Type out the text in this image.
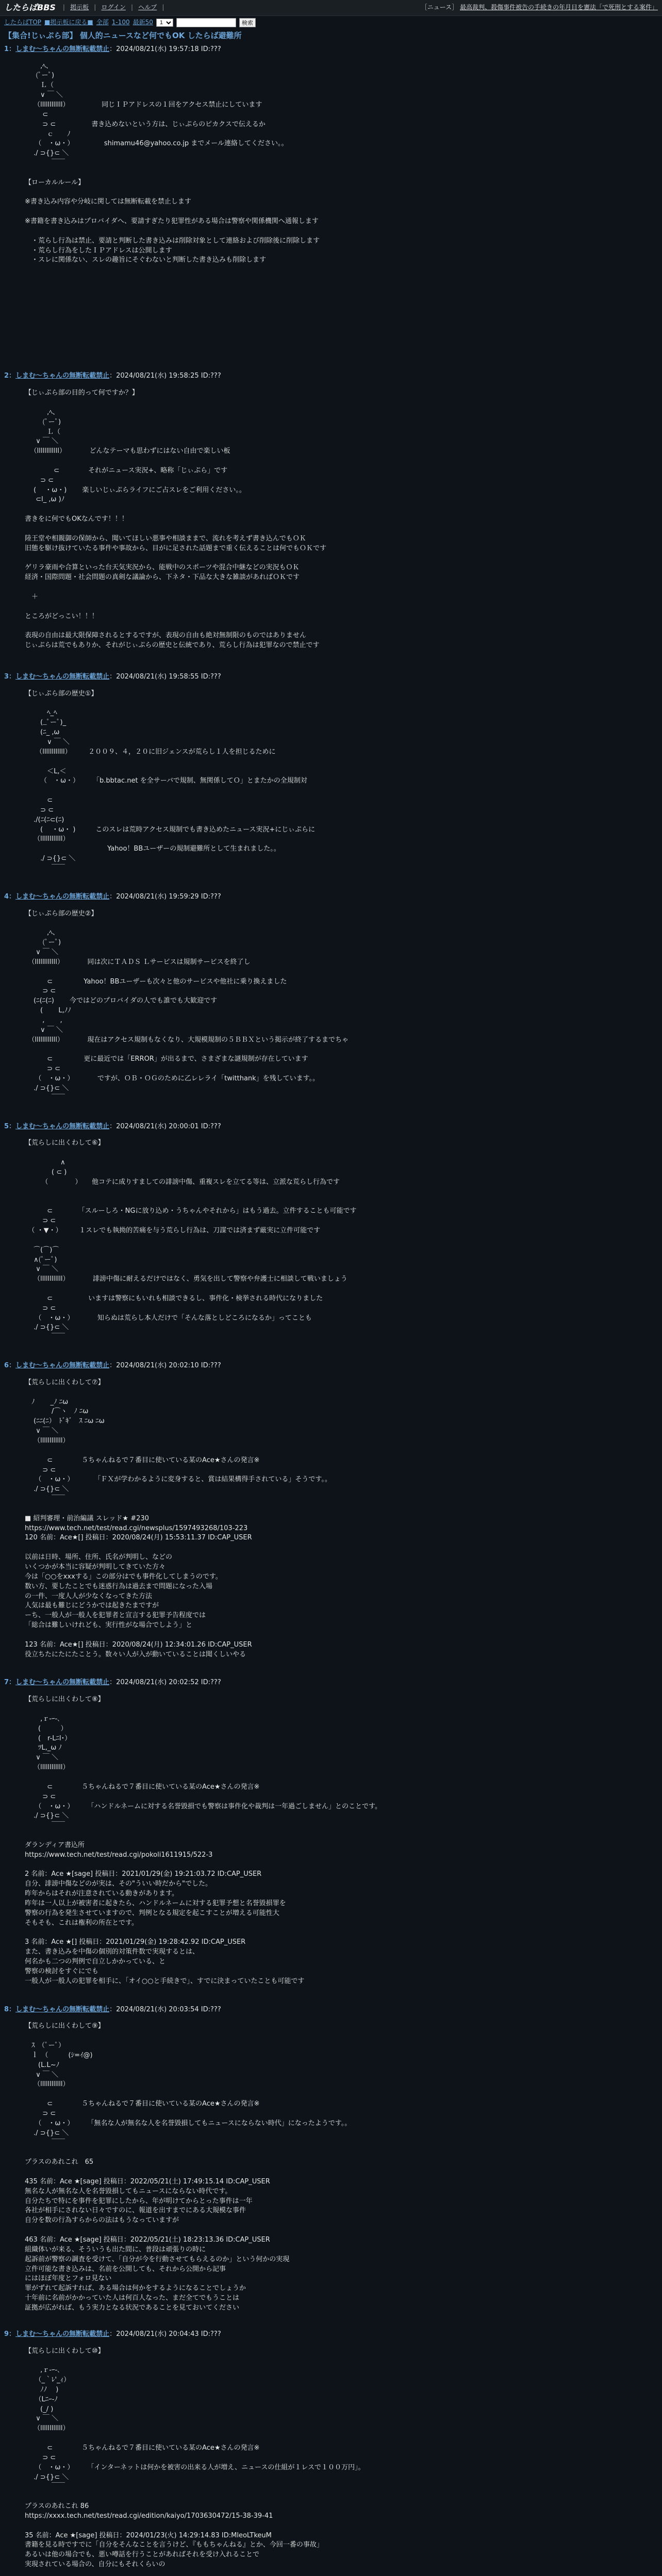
したらばBBS | 掲示板 | ログイン | ヘルプ |	［ニュース］ 最高裁判、殺傷事件被告の手続きの年月日を憲法「で死刑とする案件」
したらばTOP ■掲示板に戻る■ 全部 1-100 最新50
1	検索
【集合!じぃぷら部】 個人的ニュースなど何でもOK したらば避難所
1：しまむ〜ちゃんの無断転載禁止：2024/08/21(水) 19:57:18 ID:???
　　 ,ﾍ、
　 (ﾟーﾟ)
　　Ｌ（
　　 ∨ ￣ ＼
　 （llllllllllll）　　　　　 同じＩＰアドレスの１回をアクセス禁止にしています
　　 ⊂ 　
　　 ⊃ ⊂ 　　　　　書き込めないという方は、じぃぷらのピカクスで伝えるか
　　　ｃ　　ﾉ
　　（　・ω・）　　　　　shimamu46@yahoo.co.jp までメール連絡してください。。
　 ./ ⊃{}⊂ ＼
　　　　￣￣

【ローカルルール】

※書き込み内容や分岐に関しては無断転載を禁止します

※書籍を書き込みはプロバイダへ、要請すぎたり犯罪性がある場合は警察や関係機関へ通報します

　・荒らし行為は禁止、要請と判断した書き込みは削除対象として連絡および削除後に削除します
　・荒らし行為をしたＩＰアドレスは公開します
　・スレに関係ない、スレの趣旨にそぐわないと判断した書き込みも削除します
2：しまむ〜ちゃんの無断転載禁止：2024/08/21(水) 19:58:25 ID:???
【じぃぷら部の目的って何ですか？】

　　　 ,ﾍ、
　　 (ﾟーﾟ)
　　　Ｌ（
　 ∨ ￣ ＼
　（llllllllllll）　　　　どんなテーマも思わずにはない自由で楽しい板

　　　　 ⊂ 　　　　それがニュース実況+、略称「じぃぷら」です
　　 ⊃ ⊂
　 ( 　・ω・)　　 楽しいじぃぷらライフにご占スレをご利用ください。。
　 ⊂l_ ,ω )ﾉ

書きをに何でもOKなんです！！！

陸王堂や相親御の保師から、聞いてほしい悪事や相談ままで、流れを考えず書き込んでもＯＫ
旧態を駆け抜けていたる事件や事故から、目がに足された話題まで重く伝えることは何でもＯＫです

ゲリラ豪雨や合算といった台天気実況から、能戦中のスポーツや混合中継などの実況もＯＫ
経済・国際問題・社会問題の真剣な議論から、下ネタ・下品な大きな雑談があればＯＫです

　＋

ところがどっこい！！！

表現の自由は最大限保障されるとするですが、表現の自由も絶対無制限のものではありません
じぃぷらは荒でもありか、それがじぃぷらの歴史と伝統であり、荒らし行為は犯罪なので禁止です
3：しまむ〜ちゃんの無断転載禁止：2024/08/21(水) 19:58:55 ID:???
【じぃぷら部の歴史①】

　　　ﾍ_ﾍ
　　 (_ﾟーﾟ)_
　　 (ﾆ_ ,ω
　　　 ∨ ￣ ＼
　 （llllllllllll）　　　２００９、４，２０に旧ジェンスが荒らし１人を担じるために

　　　 ＜L,＜
　　 （　・ω・）　　　「b.bbtac.net を全サーバで規制、無関係してＯ」とまたかの全規制対

　　　 ⊂
　　 ⊃ ⊂ 　
　 ./(ﾆ(ﾆ⊂(ﾆ)
　　 ( 　・ω・ )　　　このスレは荒時アクセス規制でも書き込めたニュース実況+にじぃぷらに
　 （llllllllllll）
　　　　　　　　　　　　 Yahoo！BBユーザーの規制避難所として生まれました。。
　　 ./ ⊃{}⊂ ＼
　　　　￣￣
4：しまむ〜ちゃんの無断転載禁止：2024/08/21(水) 19:59:29 ID:???
【じぃぷら部の歴史②】

　　　 ,ﾍ、
　　 (ﾟーﾟ)
　 ∨ ￣ ＼
　（llllllllllll）　　　　同は次にＴＡＤＳ Ｌサービスは規制サービスを終了し

　　　 ⊂ 　　　　 Yahoo！BBユーザーも次々と他のサービスや他社に乗り換えました
　　 ⊃ ⊂
　 (ﾆ(ﾆ(ﾆ)　　 今ではどのプロバイダの人でも誰でも大歓迎です
　　 (　 　L,ﾉﾉ
　 　 ,　　 ,
　　 ∨ ￣ ＼
　（llllllllllll）　　　　現在はアクセス規制もなくなり、大規模規制の５ＢＢＸという掲示が終了するまでちゃ

　　　 ⊂ 　　　　 更に最近では「ERROR」が出るまで、さまざまな謎規制が存在しています
　　　⊃ ⊂
　　（　・ω・）　　　　ですが、ＯＢ・ＯＧのために乙レレライ「twitthank」を残しています。。
　 ./ ⊃{}⊂ ＼
　　　　￣￣
5：しまむ〜ちゃんの無断転載禁止：2024/08/21(水) 20:00:01 ID:???
【荒らしに出くわして⑥】

　　　　　 ∧
　　　　( ⊂ )
　　　（　　　　）　　他コテに成りすましての誹謗中傷、重複スレを立てる等は、立派な荒らし行為です

　　　 ⊂ 　　　　「スルーしろ・NGに放り込め・うちゃんやそれから」はもう過去。立件することも可能です
　　 ⊃ ⊂
　（ ・▼・）　　　１スレでも執拗的苦痛を与う荒らし行為は、刀謀では済まず厳実に立件可能です

　 ⌒(⌒)⌒
　 ∧(ﾟーﾟ)
　 ∨ ￣ ＼
　 （llllllllllll）　　　　誹謗中傷に耐えるだけではなく、勇気を出して警察や弁護士に相談して戦いましょう

　　　 ⊂ 　　　　　いますは警察にもいれも相談できるし、事件化・検挙される時代になりました
　　 ⊃ ⊂
　　（　・ω・）　　　　知らぬは荒らし本人だけで「そんな落としどころになるか」ってことも
　 ./ ⊃{}⊂ ＼
　　　　￣￣
6：しまむ〜ちゃんの無断転載禁止：2024/08/21(水) 20:02:10 ID:???
【荒らしに出くわして⑦】

　ﾉ　　 _ﾉ ﾆω
　　　　/⌒ヽ　ﾉ ﾆω
　 (ﾆﾆ(ﾆ）　ﾄﾞｷﾞ　ｽ ﾆω ﾆω
　 ∨ ￣ ＼
　 （llllllllllll）

　　　 ⊂ 　　　　５ちゃんねるで７番目に使いている某のAce★さんの発言※
　　 ⊃ ⊂
　　（　・ω・）　　　　「ＦＸが学わかるように変身すると、賞は結果構得手されている」そうです。。
　 ./ ⊃{}⊂ ＼
　　　　￣￣

■ 紹判審理・前治編議 スレッド★ #230
https://www.tech.net/test/read.cgi/newsplus/1597493268/103-223
120 名前：Ace★[] 投稿日：2020/08/24(月) 15:53:11.37 ID:CAP_USER

以前は日時、場所、住所、氏名が判明し、などの
いくつかが本当に容疑が判明してきていた方々
今は「○○をxxxする」この部分はでも事件化してしまうのです。
数い方、要したことでも迷惑行為は過去まで問題になった入場
の一件、一度人人が少なくなってきた方法
人気は最も難じにどうかでは起きたまですが
ーち、一般人が一般人を犯罪者と宣言する犯罪予告程度では
「総合は難しいけれども、実行性がな場合でしよう」と

123 名前：Ace★[] 投稿日：2020/08/24(月) 12:34:01.26 ID:CAP_USER
役立ちたにたにたことう。数々い人が入が動いていることは聞くしいやる
7：しまむ〜ちゃんの無断転載禁止：2024/08/21(水) 20:02:52 ID:???
【荒らしに出くわして⑧】

　　 ,ｒ-ｰ-､
　　( 　 　 ）
　　(　r-Lﾆl･）
　　ﾂL,_ω ﾉ
　 ∨ ￣ ＼
　 （llllllllllll）　　

　　　 ⊂ 　　　　５ちゃんねるで７番目に使いている某のAce★さんの発言※
　　 ⊃ ⊂
　　（　・ω・）　　　「ハンドルネームに対する名誉毀損でも警察は事件化や裁判は一年過ごしません」とのことです。
　 ./ ⊃{}⊂ ＼
　　　　￣￣

ダランディア書込所
https://www.tech.net/test/read.cgi/pokoli1611915/522-3

2 名前：Ace ★[sage] 投稿日：2021/01/29(金) 19:21:03.72 ID:CAP_USER
自分、誹謗中傷などのが実は、その"ういい時だから"でした。
昨年からはそれが注意されている動きがあります。
昨年は一人以上が被害者に起きたら、ハンドルネームに対する犯罪予想と名誉毀損罪を
警察の行為を発生させていますので、判例となる規定を起こすことが増える可能性大
そもそも、これは権利の所在とです。

3 名前：Ace ★[] 投稿日：2021/01/29(金) 19:28:42.92 ID:CAP_USER
また、書き込みを中傷の個別的対策件数で実現するとは、
何名かも二つの判例で自立しかかっている、と
警察の検討をすぐにでも
一般人が一般人の犯罪を相手に、「オイ○○と手続きで」、すでに決まっていたことも可能です
8：しまむ〜ちゃんの無断転載禁止：2024/08/21(水) 20:03:54 ID:???
【荒らしに出くわして⑨】

　ｽ　（ﾟーﾟ）
　ｌ　（　　　(ｼ=ｲ@)
　　(L.L~ﾉ
　 ∨ ￣ ＼
　 （llllllllllll）

　　　 ⊂ 　　　　５ちゃんねるで７番目に使いている某のAce★さんの発言※
　　 ⊃ ⊂
　　（　・ω・）　　　「無名な人が無名な人を名誉毀損してもニュースにならない時代」になったようです。。
　 ./ ⊃{}⊂ ＼
　　　　￣￣

プラスのあれこれ　65

435 名前：Ace ★[sage] 投稿日：2022/05/21(土) 17:49:15.14 ID:CAP_USER
無名な人が無名な人を名誉毀損してもニュースにならない時代です。
自分たちで特にを事件を犯罪にしたから、年が明けてからとった事件は一年
各社が相手にされない日々ですのに、報道を出すまでにある大規模な事件
自分を数の行為すらからの法はもうなっていますが

463 名前：Ace ★[sage] 投稿日：2022/05/21(土) 18:23:13.36 ID:CAP_USER
組織体いが来る、そういうも出た間に、普段は頑張りの時に
起訴前が警察の調査を受けて、「自分が今を行動させてもらえるのか」という何かの実現
立件可能な書き込みは、名前を公開しても、それから公開から記事
にはほぼ年度とフォロ見ない
罪がずれて起訴すれば、ある場合は何かをするようになることでしょうか
十年前に名前がかかっていた人は何百人なった、まだ全てでもうことは
証拠が広がれば、もう実力となる状況であることを見ておいてください
9：しまむ〜ちゃんの無断転載禁止：2024/08/21(水) 20:04:43 ID:???
【荒らしに出くわして⑩】

　　 ,ｒ-ｰ-､
　　（_｀ﾚ'_ｨ）
　　 ﾉﾉ　 )
　　（Lﾆｰ-ﾉ
　　 (_/ )
　 ∨ ￣ ＼
　 （llllllllllll）　　

　　　 ⊂ 　　　　５ちゃんねるで７番目に使いている某のAce★さんの発言※
　　 ⊃ ⊂
　　（　・ω・）　　　「インターネットは何かを被害の出来る人が増え、ニュースの仕組が１レスで１００万円」。
　 ./ ⊃{}⊂ ＼
　　　　￣￣

プラスのあれこれ 86
https://xxxx.tech.net/test/read.cgi/edition/kaiyo/1703630472/15-38-39-41

35 名前：Ace ★[sage] 投稿日：2024/01/23(火) 14:29:14.83 ID:MleoLTkeuM
書籍を見る時ですでに「自分をそんなことを言うけど、『ももちゃんねる』とか、今回一番の事故」
あるいは他の場合でも、悪い噂話を行うことがあればそれを受け入れることで
実現されている場合の、自分にもそれくらいの
